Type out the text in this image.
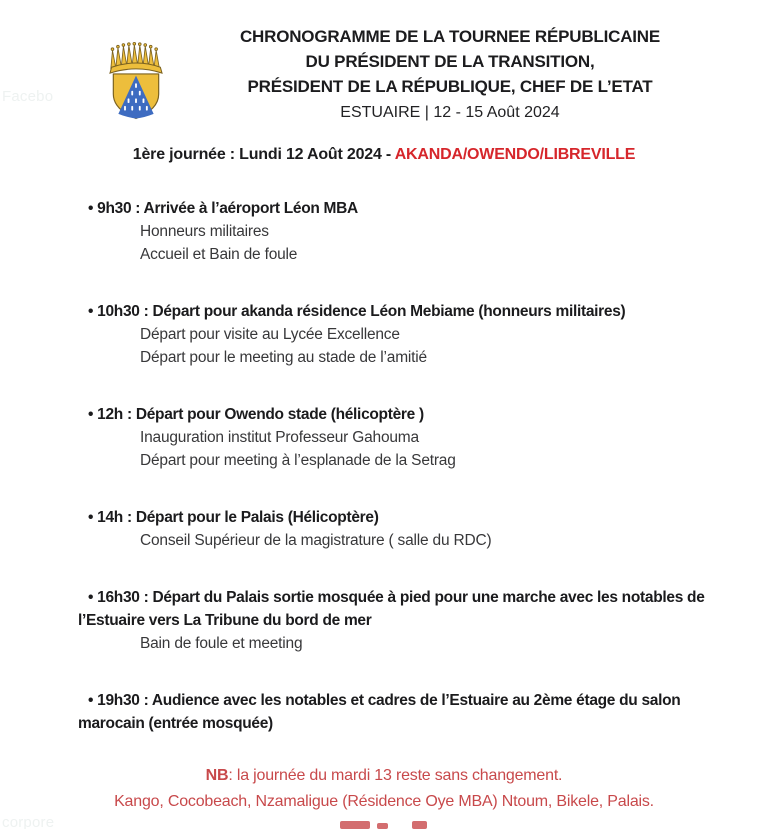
Facebo
corpore
CHRONOGRAMME DE LA TOURNEE RÉPUBLICAINE
DU PRÉSIDENT DE LA TRANSITION,
PRÉSIDENT DE LA RÉPUBLIQUE, CHEF DE L’ETAT
ESTUAIRE | 12 - 15 Août 2024
1ère journée : Lundi 12 Août 2024 - AKANDA/OWENDO/LIBREVILLE

• 9h30 : Arrivée à l’aéroport Léon MBA

Honneurs militaires

Accueil et Bain de foule

• 10h30 : Départ pour akanda résidence Léon Mebiame (honneurs militaires)

Départ pour visite au Lycée Excellence

Départ pour le meeting au stade de l’amitié

• 12h : Départ pour Owendo stade (hélicoptère )

Inauguration institut Professeur Gahouma

Départ pour meeting à l’esplanade de la Setrag

• 14h : Départ pour le Palais (Hélicoptère)

Conseil Supérieur de la magistrature ( salle du RDC)

• 16h30 : Départ du Palais sortie mosquée à pied pour une marche avec les notables de l’Estuaire vers La Tribune du bord de mer

Bain de foule et meeting

• 19h30 : Audience avec les notables et cadres de l’Estuaire au 2ème étage du salon marocain (entrée mosquée)

NB: la journée du mardi 13 reste sans changement.
Kango, Cocobeach, Nzamaligue (Résidence Oye MBA) Ntoum, Bikele, Palais.
